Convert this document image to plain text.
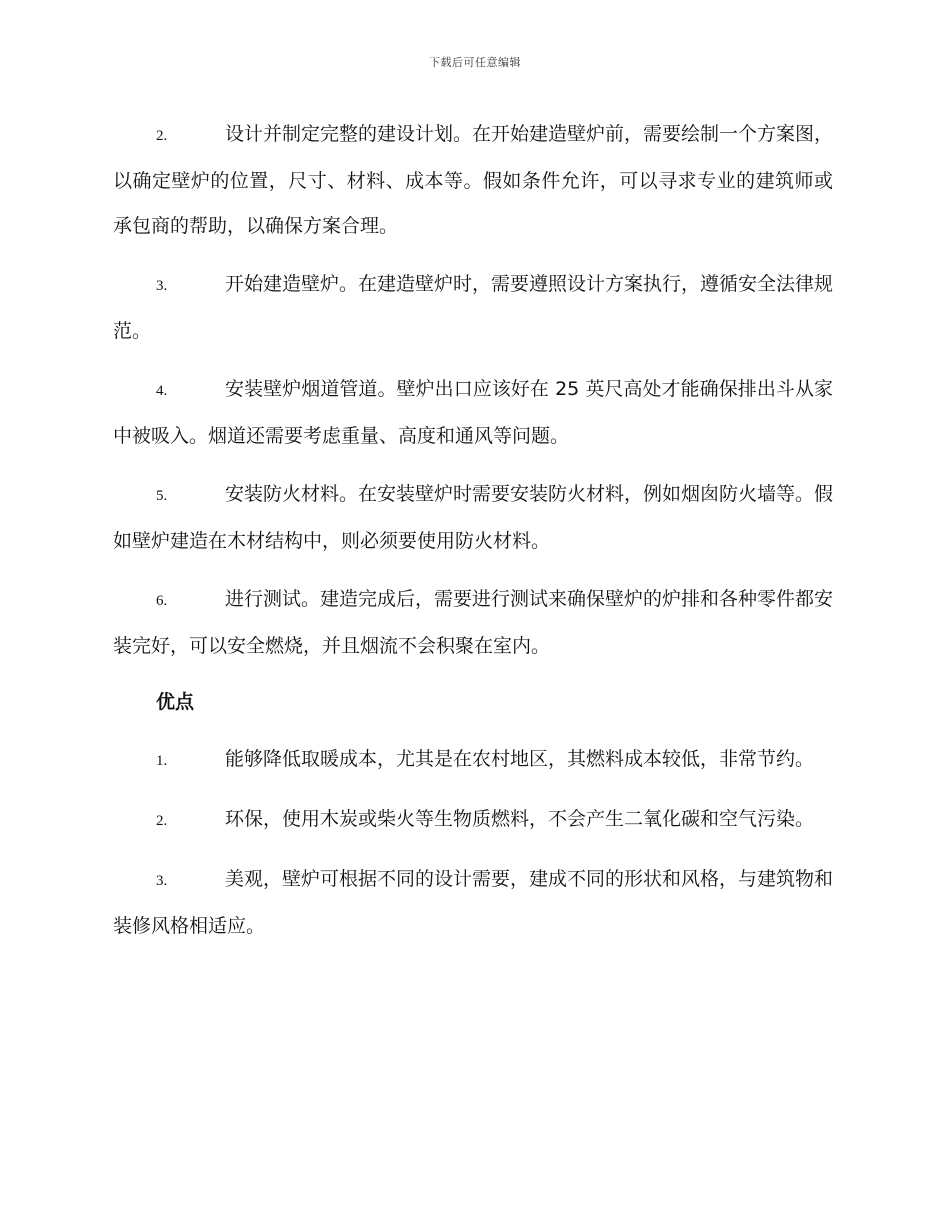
下载后可任意编辑

2.	设计并制定完整的建设计划。在开始建造壁炉前，需要绘制一个方案图，以确定壁炉的位置，尺寸、材料、成本等。假如条件允许，可以寻求专业的建筑师或承包商的帮助，以确保方案合理。

3.	开始建造壁炉。在建造壁炉时，需要遵照设计方案执行，遵循安全法律规范。

4.	安装壁炉烟道管道。壁炉出口应该好在 25 英尺高处才能确保排出斗从家中被吸入。烟道还需要考虑重量、高度和通风等问题。

5.	安装防火材料。在安装壁炉时需要安装防火材料，例如烟囱防火墙等。假如壁炉建造在木材结构中，则必须要使用防火材料。

6.	进行测试。建造完成后，需要进行测试来确保壁炉的炉排和各种零件都安装完好，可以安全燃烧，并且烟流不会积聚在室内。

优点

1.	能够降低取暖成本，尤其是在农村地区，其燃料成本较低，非常节约。

2.	环保，使用木炭或柴火等生物质燃料，不会产生二氧化碳和空气污染。

3.	美观，壁炉可根据不同的设计需要，建成不同的形状和风格，与建筑物和装修风格相适应。
